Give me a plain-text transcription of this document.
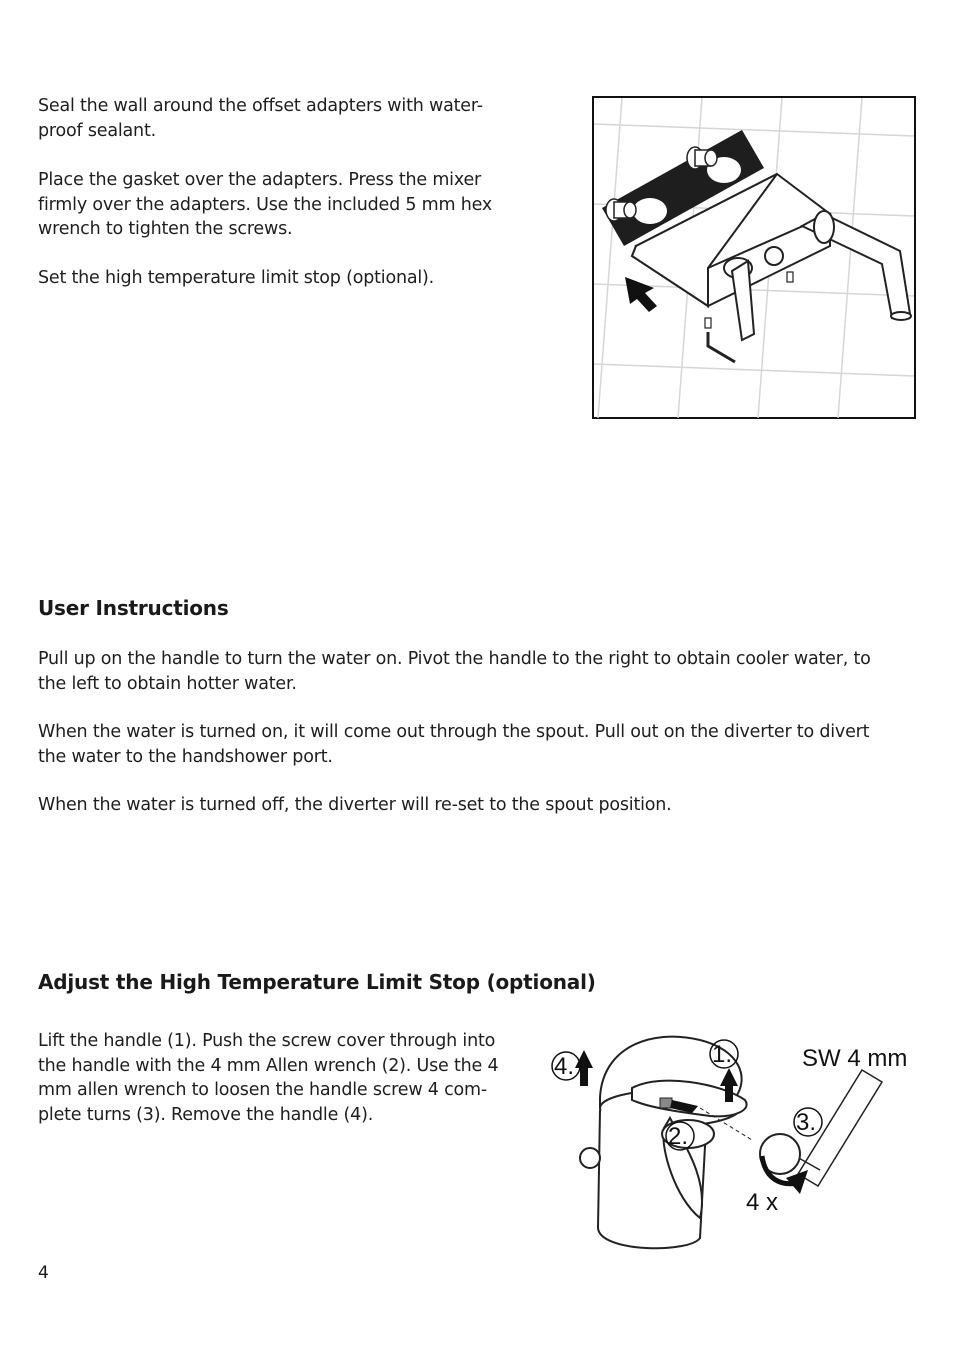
Seal the wall around the offset adapters with water-
proof sealant.

Place the gasket over the adapters. Press the mixer
firmly over the adapters. Use the included 5 mm hex
wrench to tighten the screws.

Set the high temperature limit stop (optional).

User Instructions

Pull up on the handle to turn the water on. Pivot the handle to the right to obtain cooler water, to
the left to obtain hotter water.

When the water is turned on, it will come out through the spout. Pull out on the diverter to divert
the water to the handshower port.

When the water is turned off, the diverter will re-set to the spout position.

Adjust the High Temperature Limit Stop (optional)

Lift the handle (1). Push the screw cover through into
the handle with the 4 mm Allen wrench (2). Use the 4
mm allen wrench to loosen the handle screw 4 com-
plete turns (3). Remove the handle (4).

4.	1.
2.
3.
SW 4 mm
4 x
4
